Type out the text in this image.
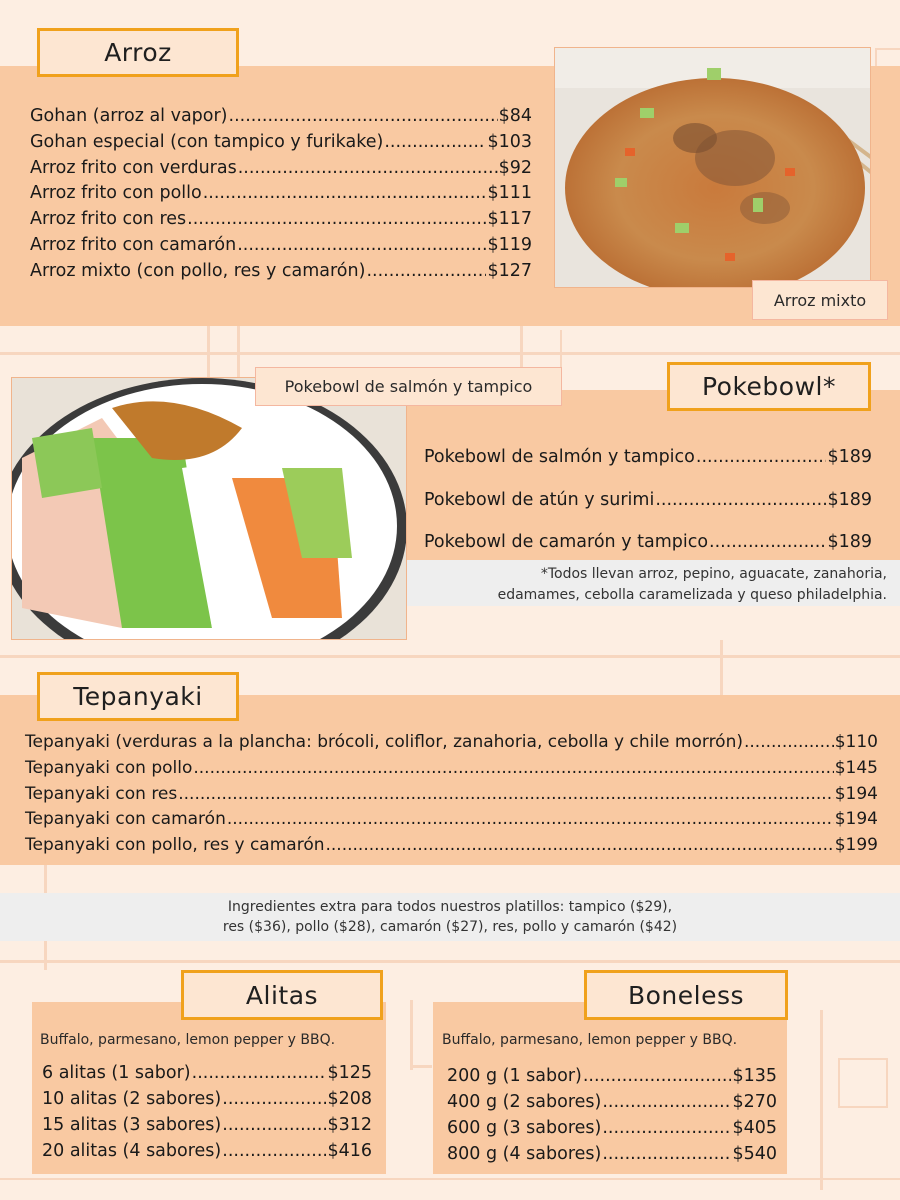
Arroz
Gohan (arroz al vapor) .....	$84
Gohan especial (con tampico y furikake) .....	$103
Arroz frito con verduras .....	$92
Arroz frito con pollo .....	$111
Arroz frito con res .....	$117
Arroz frito con camarón .....	$119
Arroz mixto (con pollo, res y camarón) .....	$127
Arroz mixto
Pokebowl*
Pokebowl de salmón y tampico
Pokebowl de salmón y tampico .....	$189
Pokebowl de atún y surimi .....	$189
Pokebowl de camarón y tampico .....	$189
*Todos llevan arroz, pepino, aguacate, zanahoria,
edamames, cebolla caramelizada y queso philadelphia.
Tepanyaki
Tepanyaki (verduras a la plancha: brócoli, coliflor, zanahoria, cebolla y chile morrón) .....	$110
Tepanyaki con pollo .....	$145
Tepanyaki con res .....	$194
Tepanyaki con camarón .....	$194
Tepanyaki con pollo, res y camarón .....	$199
Ingredientes extra para todos nuestros platillos: tampico ($29),
res ($36), pollo ($28), camarón ($27), res, pollo y camarón ($42)
Alitas
Buffalo, parmesano, lemon pepper y BBQ.
6 alitas (1 sabor) .....	$125
10 alitas (2 sabores) .....	$208
15 alitas (3 sabores) .....	$312
20 alitas (4 sabores) .....	$416
Boneless
Buffalo, parmesano, lemon pepper y BBQ.
200 g (1 sabor) .....	$135
400 g (2 sabores) .....	$270
600 g (3 sabores) .....	$405
800 g (4 sabores) .....	$540
